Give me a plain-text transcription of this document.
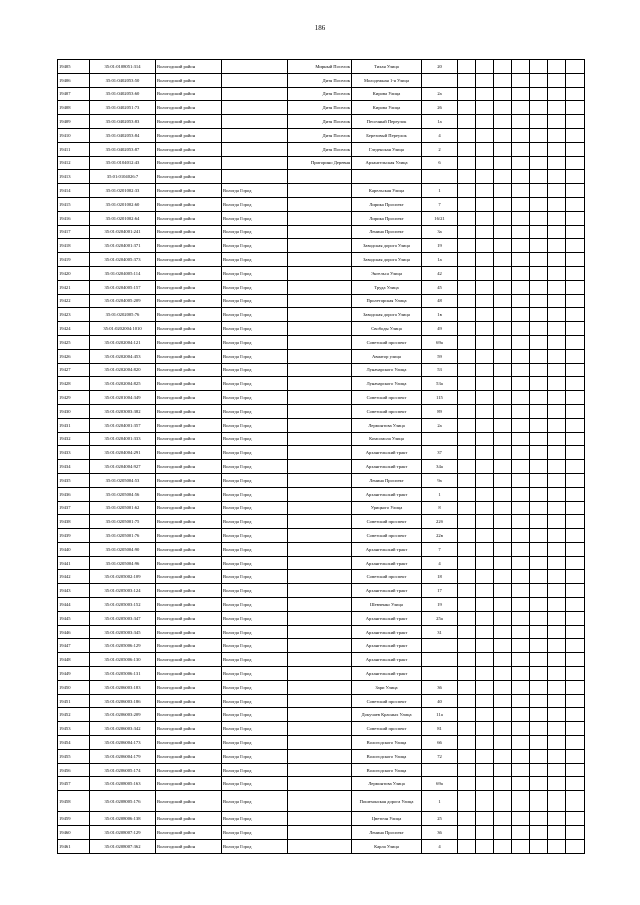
186
19405	35:01:0108051:314	Вологодский район		Мирный Поселок	Тихая Улица	20							
19406	35:01:0402053:50	Вологодский район		Дитя Поселок	Молодежная 1-я Улица								
19407	35:01:0402053:60	Вологодский район		Дитя Поселок	Кирова Улица	2а							
19408	35:01:0402051:73	Вологодский район		Дитя Поселок	Кирова Улица	26							
19409	35:01:0402053:83	Вологодский район		Дитя Поселок	Песочный Переулок	1а							
19410	35:01:0402053:84	Вологодский район		Дитя Поселок	Березовый Переулок	4							
19411	35:01:0402053:87	Вологодский район		Дитя Поселок	Гледенская Улица	2							
19412	35:01:0104012:43	Вологодский район		Пригорино Деревня	Архангельская Улица	6							
19413	35:01:0104026:7	Вологодский район											
19414	35:01:0201002:33	Вологодский район	Вологда Город		Карельская Улица	1							
19415	35:01:0201002:60	Вологодский район	Вологда Город		Лирика Проспект	7							
19416	35:01:0201002:64	Вологодский район	Вологда Город		Лирика Проспект	16/21							
19417	35:01:0204001:241	Вологодский район	Вологда Город		Ленина Проспект	3а							
19418	35:01:0204001:371	Вологодский район	Вологда Город		Заводская дорога Улица	19							
19419	35:01:0204005:373	Вологодский район	Вологда Город		Заводская дорога Улица	1а							
19420	35:01:0204005:114	Вологодский район	Вологда Город		Энгельса Улица	42							
19421	35:01:0204005:157	Вологодский район	Вологда Город		Труда Улица	45							
19422	35:01:0204005:209	Вологодский район	Вологда Город		Пролетарская Улица	48							
19423	35:01:0202005:76	Вологодский район	Вологда Город		Заводская дорога Улица	1в							
19424	35:01:0202004:1010	Вологодский район	Вологда Город		Свободы Улица	49							
19425	35:01:0202004:121	Вологодский район	Вологда Город		Советский проспект	69а							
19426	35:01:0202004:453	Вологодский район	Вологда Город		Авиатор улица	59							
19427	35:01:0202004:820	Вологодский район	Вологда Город		Луначарского Улица	53							
19428	35:01:0202004:825	Вологодский район	Вологда Город		Луначарского Улица	53а							
19429	35:01:0201004:349	Вологодский район	Вологда Город		Советский проспект	115							
19430	35:01:0203003:382	Вологодский район	Вологда Город		Советский проспект	89							
19431	35:01:0204001:357	Вологодский район	Вологда Город		Лермонтова Улица	2а							
19432	35:01:0204001:333	Вологодский район	Вологда Город		Комсомола Улица								
19433	35:01:0204004:291	Вологодский район	Вологда Город		Архангельский тракт	37							
19434	35:01:0204004:927	Вологодский район	Вологда Город		Архангельский тракт	34а							
19435	35:01:0205004:53	Вологодский район	Вологда Город		Ленина Проспект	9а							
19436	35:01:0205004:56	Вологодский район	Вологда Город		Архангельский тракт	1							
19437	35:01:0205001:62	Вологодский район	Вологда Город		Урицкого Улица	8							
19438	35:01:0205001:75	Вологодский район	Вологда Город		Советский проспект	22б							
19439	35:01:0205001:76	Вологодский район	Вологда Город		Советский проспект	22в							
19440	35:01:0205004:90	Вологодский район	Вологда Город		Архангельский тракт	7							
19441	35:01:0205004:96	Вологодский район	Вологда Город		Архангельский тракт	4							
19442	35:01:0205002:109	Вологодский район	Вологда Город		Советский проспект	18							
19443	35:01:0205003:124	Вологодский район	Вологда Город		Архангельский тракт	17							
19444	35:01:0205003:152	Вологодский район	Вологда Город		Шевченко Улица	19							
19445	35:01:0205003:347	Вологодский район	Вологда Город		Архангельский тракт	25а							
19446	35:01:0205003:345	Вологодский район	Вологда Город		Архангельский тракт	31							
19447	35:01:0205006:129	Вологодский район	Вологда Город		Архангельский тракт								
19448	35:01:0205006:130	Вологодский район	Вологда Город		Архангельский тракт								
19449	35:01:0205006:131	Вологодский район	Вологда Город		Архангельский тракт								
19450	35:01:0206003:183	Вологодский район	Вологда Город		Зари Улица	36							
19451	35:01:0206003:186	Вологодский район	Вологда Город		Советский проспект	40							
19452	35:01:0206003:209	Вологодский район	Вологда Город		Докучаев Красных Улица	11а							
19453	35:01:0206003:342	Вологодский район	Вологда Город		Советский проспект	81							
19454	35:01:0206004:173	Вологодский район	Вологда Город		Вологодского Улица	66							
19455	35:01:0206004:179	Вологодский район	Вологда Город		Вологодского Улица	72							
19456	35:01:0206005:174	Вологодский район	Вологда Город		Вологодского Улица								
19457	35:01:0208005:163	Вологодский район	Вологда Город		Лермонтова Улица	69а							
19458	35:01:0208005:176	Вологодский район	Вологда Город		Пошехонская дорога Улица	1							
19459	35:01:0208006:138	Вологодский район	Вологда Город		Цветочн Улица	25							
19460	35:01:0208007:129	Вологодский район	Вологда Город		Ленина Проспект	36							
19461	35:01:0208007:362	Вологодский район	Вологда Город		Карла Улица	4							
